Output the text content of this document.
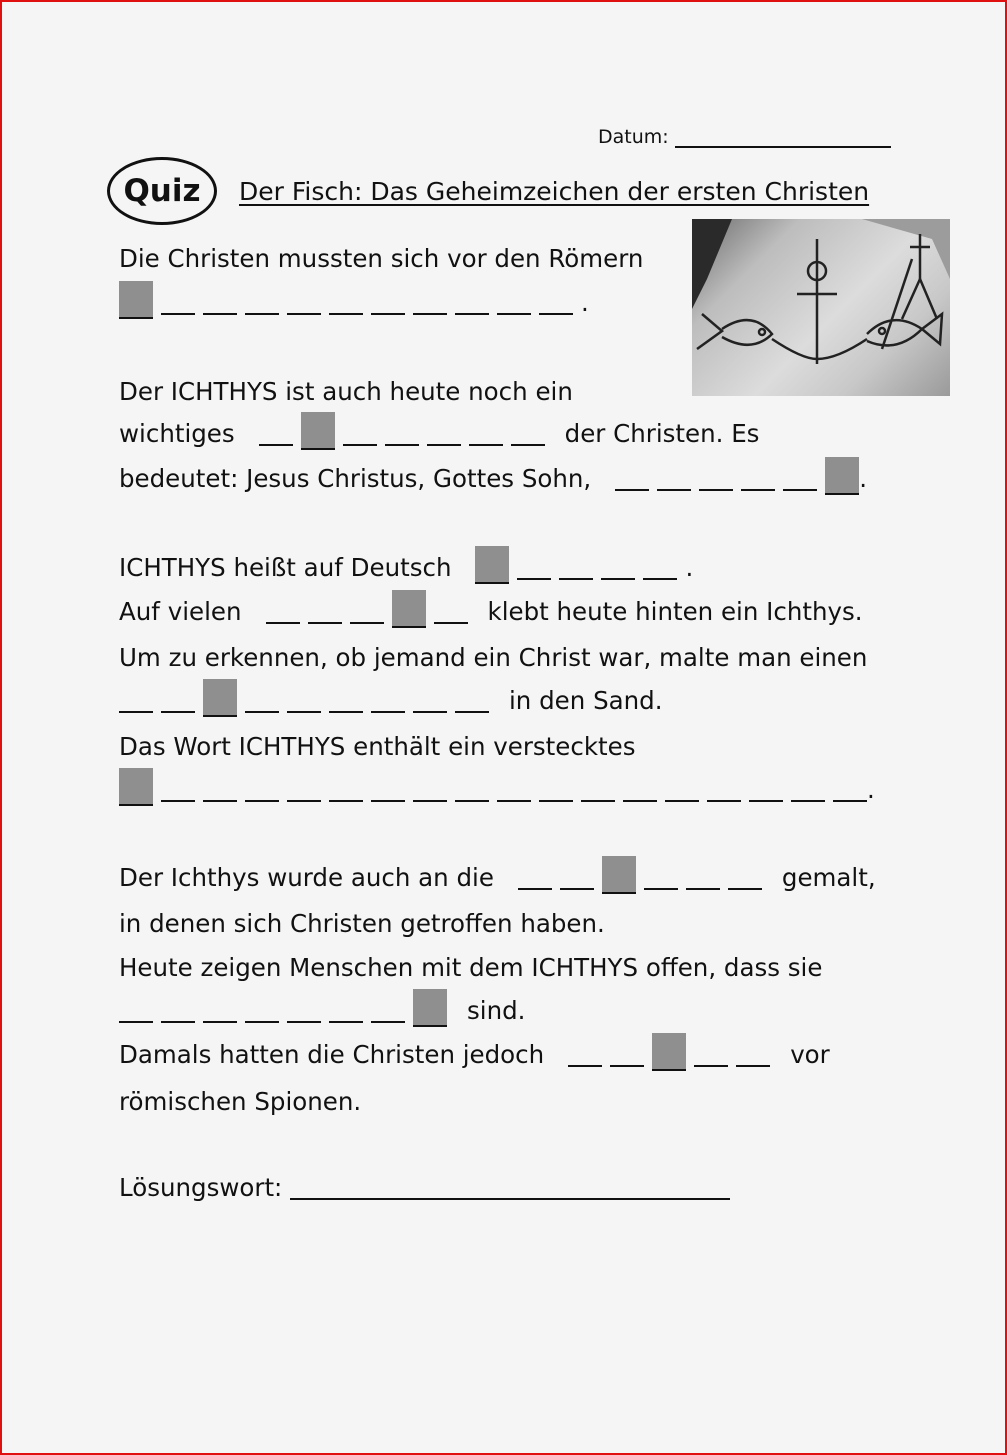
Datum:
Quiz Der Fisch: Das Geheimzeichen der ersten Christen
Die Christen mussten sich vor den Römern
.
Der ICHTHYS ist auch heute noch ein
wichtiges	der Christen. Es
bedeutet: Jesus Christus, Gottes Sohn,	.
ICHTHYS heißt auf Deutsch	.
Auf vielen	klebt heute hinten ein Ichthys.
Um zu erkennen, ob jemand ein Christ war, malte man einen
in den Sand.
Das Wort ICHTHYS enthält ein verstecktes
.
Der Ichthys wurde auch an die	gemalt,
in denen sich Christen getroffen haben.
Heute zeigen Menschen mit dem ICHTHYS offen, dass sie
sind.
Damals hatten die Christen jedoch	vor
römischen Spionen.
Lösungswort:
